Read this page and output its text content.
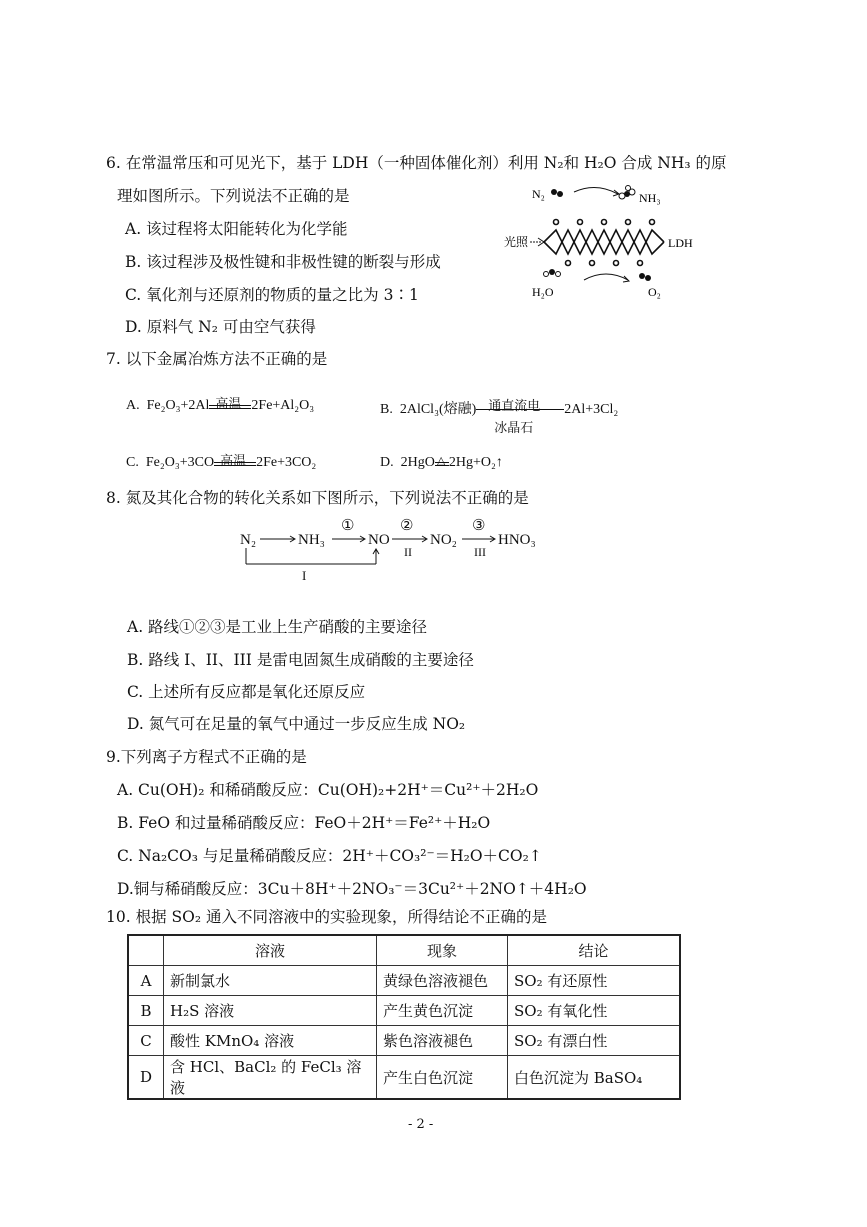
6. 在常温常压和可见光下，基于 LDH（一种固体催化剂）利用 N₂和 H₂O 合成 NH₃ 的原
理如图所示。下列说法不正确的是
A. 该过程将太阳能转化为化学能
B. 该过程涉及极性键和非极性键的断裂与形成
C. 氧化剂与还原剂的物质的量之比为 3∶1
D. 原料气 N₂ 可由空气获得
N₂	NH₃
光照	LDH
H₂O	O₂
7. 以下金属冶炼方法不正确的是
A. Fe₂O₃+2Al 高温 2Fe+Al₂O₃	B. 2AlCl₃(熔融) 通直流电
冰晶石
2Al+3Cl₂
C. Fe₂O₃+3CO 高温 2Fe+3CO₂	D. 2HgO △ 2Hg+O₂↑
8. 氮及其化合物的转化关系如下图所示，下列说法不正确的是
N₂	NH₃	NO	NO₂	HNO₃
①	②	③
II	III
I
A. 路线①②③是工业上生产硝酸的主要途径
B. 路线 I、II、III 是雷电固氮生成硝酸的主要途径
C. 上述所有反应都是氧化还原反应
D. 氮气可在足量的氧气中通过一步反应生成 NO₂
9.下列离子方程式不正确的是
A. Cu(OH)₂ 和稀硝酸反应：Cu(OH)₂+2H⁺＝Cu²⁺＋2H₂O
B. FeO 和过量稀硝酸反应：FeO＋2H⁺＝Fe²⁺＋H₂O
C. Na₂CO₃ 与足量稀硝酸反应：2H⁺＋CO₃²⁻＝H₂O＋CO₂↑
D.铜与稀硝酸反应：3Cu＋8H⁺＋2NO₃⁻＝3Cu²⁺＋2NO↑＋4H₂O
10. 根据 SO₂ 通入不同溶液中的实验现象，所得结论不正确的是
	溶液	现象	结论
A	新制氯水	黄绿色溶液褪色	SO₂ 有还原性
B	H₂S 溶液	产生黄色沉淀	SO₂ 有氧化性
C	酸性 KMnO₄ 溶液	紫色溶液褪色	SO₂ 有漂白性
D	含 HCl、BaCl₂ 的 FeCl₃ 溶液	产生白色沉淀	白色沉淀为 BaSO₄
- 2 -
